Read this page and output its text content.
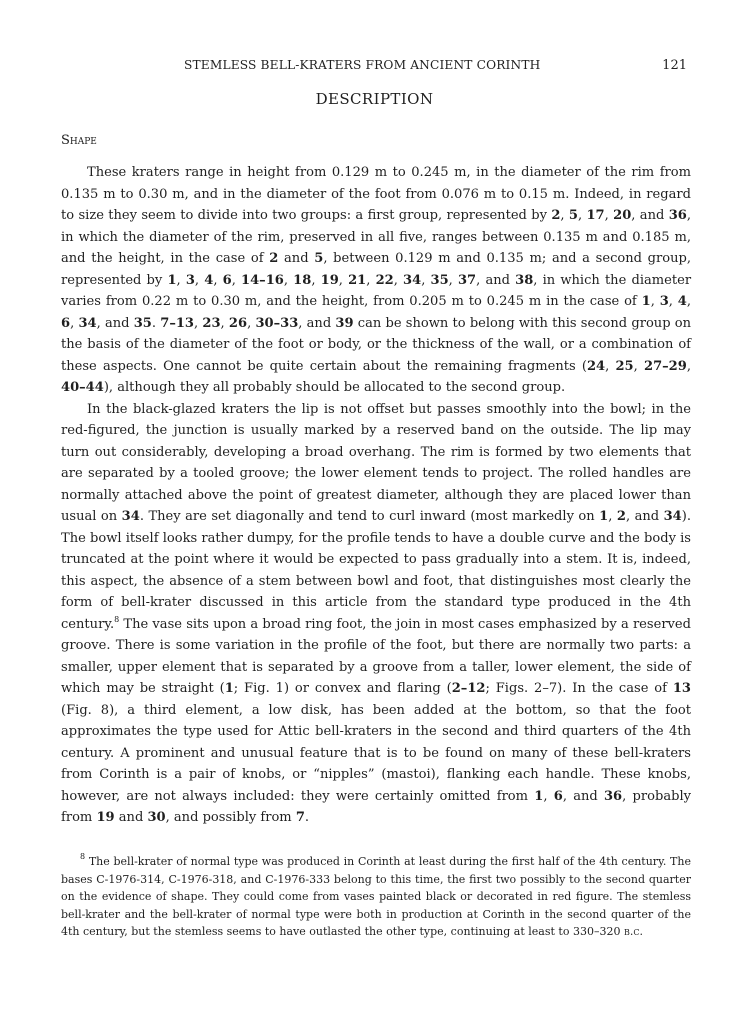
STEMLESS BELL-KRATERS FROM ANCIENT CORINTH	121
DESCRIPTION
Shape

These kraters range in height from 0.129 m to 0.245 m, in the diameter of the rim from 0.135 m to 0.30 m, and in the diameter of the foot from 0.076 m to 0.15 m. Indeed, in regard to size they seem to divide into two groups: a first group, represented by 2, 5, 17, 20, and 36, in which the diameter of the rim, preserved in all five, ranges between 0.135 m and 0.185 m, and the height, in the case of 2 and 5, between 0.129 m and 0.135 m; and a second group, represented by 1, 3, 4, 6, 14–16, 18, 19, 21, 22, 34, 35, 37, and 38, in which the diameter varies from 0.22 m to 0.30 m, and the height, from 0.205 m to 0.245 m in the case of 1, 3, 4, 6, 34, and 35. 7–13, 23, 26, 30–33, and 39 can be shown to belong with this second group on the basis of the diameter of the foot or body, or the thickness of the wall, or a combination of these aspects. One cannot be quite certain about the remaining fragments (24, 25, 27–29, 40–44), although they all probably should be allocated to the second group.

In the black-glazed kraters the lip is not offset but passes smoothly into the bowl; in the red-figured, the junction is usually marked by a reserved band on the outside. The lip may turn out considerably, developing a broad overhang. The rim is formed by two elements that are separated by a tooled groove; the lower element tends to project. The rolled handles are normally attached above the point of greatest diameter, although they are placed lower than usual on 34. They are set diagonally and tend to curl inward (most markedly on 1, 2, and 34). The bowl itself looks rather dumpy, for the profile tends to have a double curve and the body is truncated at the point where it would be expected to pass gradually into a stem. It is, indeed, this aspect, the absence of a stem between bowl and foot, that distinguishes most clearly the form of bell-krater discussed in this article from the standard type produced in the 4th century.$^8$ The vase sits upon a broad ring foot, the join in most cases emphasized by a reserved groove. There is some variation in the profile of the foot, but there are normally two parts: a smaller, upper element that is separated by a groove from a taller, lower element, the side of which may be straight (1; Fig. 1) or convex and flaring (2–12; Figs. 2–7). In the case of 13 (Fig. 8), a third element, a low disk, has been added at the bottom, so that the foot approximates the type used for Attic bell-kraters in the second and third quarters of the 4th century. A prominent and unusual feature that is to be found on many of these bell-kraters from Corinth is a pair of knobs, or “nipples” (mastoi), flanking each handle. These knobs, however, are not always included: they were certainly omitted from 1, 6, and 36, probably from 19 and 30, and possibly from 7.

$^8$ The bell-krater of normal type was produced in Corinth at least during the first half of the 4th century. The bases C-1976-314, C-1976-318, and C-1976-333 belong to this time, the first two possibly to the second quarter on the evidence of shape. They could come from vases painted black or decorated in red figure. The stemless bell-krater and the bell-krater of normal type were both in production at Corinth in the second quarter of the 4th century, but the stemless seems to have outlasted the other type, continuing at least to 330–320 b.c.
